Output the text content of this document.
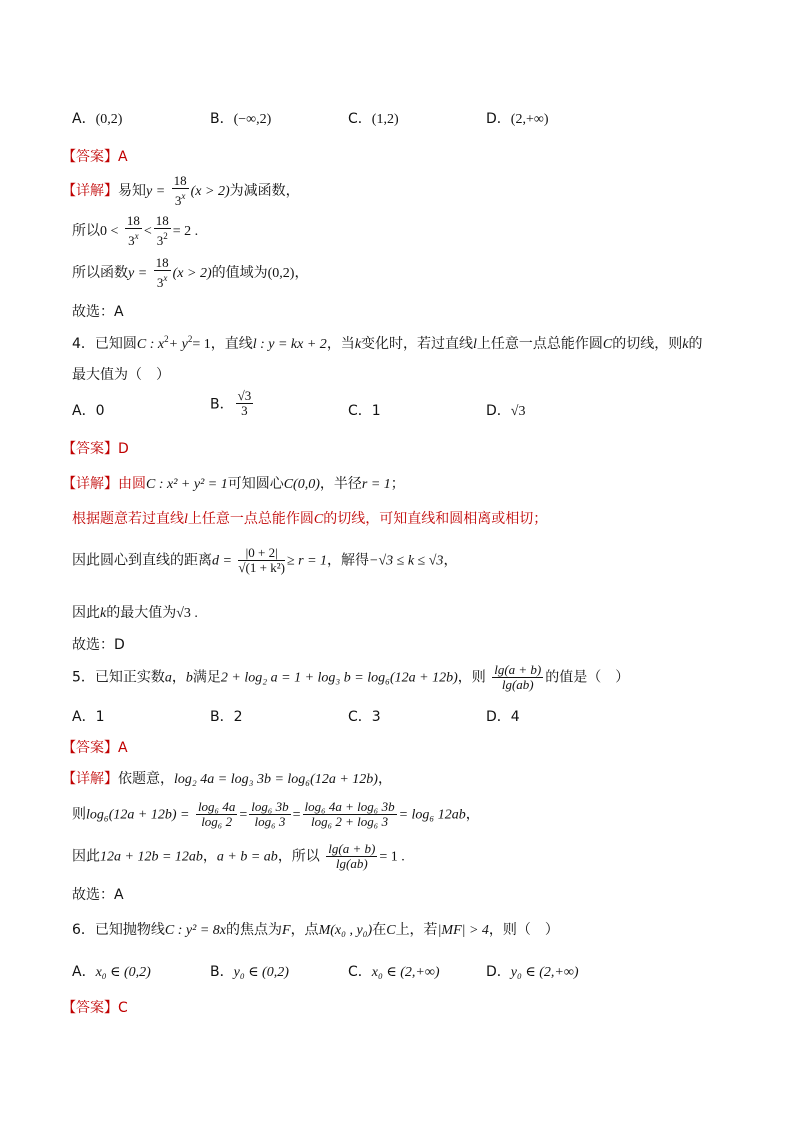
A．(0,2)	B．(−∞,2)	C．(1,2)	D．(2,+∞)
【答案】A
【详解】易知$y = \frac{18}{3^x} (x > 2)$为减函数，
所以$0 < \frac{18}{3^x} < \frac{18}{3^2} = 2$ .
所以函数$y = \frac{18}{3^x} (x > 2)$的值域为(0,2)，
故选：A
4．已知圆C : $x^2+ y^2= 1$，直线l : y = kx + 2，当k变化时，若过直线l上任意一点总能作圆C的切线，则k的
最大值为（　）
A．0	B． $\frac{√3}{3}$	C．1	D．√3
【答案】D
【详解】由圆C : x² + y² = 1可知圆心C(0,0)，半径r = 1；
根据题意若过直线l上任意一点总能作圆C的切线，可知直线和圆相离或相切；
因此圆心到直线的距离$d = \frac{|0 + 2|}{\text{√(1 + k²)}} \ge r = 1$，解得−√3 ≤ k ≤ √3，
因此k的最大值为√3 .
故选：D
5．已知正实数a，b满足2 + log₂ a = 1 + log₃ b = log₆(12a + 12b)，则 $\frac{\lg(a + b)}{\lg(ab)}$ 的值是（　）
A．1	B．2	C．3	D．4
【答案】A
【详解】依题意，log₂ 4a = log₃ 3b = log₆(12a + 12b)，
则$\log_6(12a + 12b) = \frac{\text{log₆ 4a}}{\text{log₆ 2}} = \frac{\text{log₆ 3b}}{\text{log₆ 3}} = \frac{\text{log₆ 4a + log₆ 3b}}{\text{log₆ 2 + log₆ 3}} = \log_6$ 12ab，
因此12a + 12b = 12ab，a + b = ab，所以 $\frac{\lg(a + b)}{\lg(ab)} = 1$ .
故选：A
6．已知抛物线C : y² = 8x的焦点为F，点M(x₀ , y₀)在C上，若|MF| > 4，则（　）
A．x₀ ∈ (0,2)	B．y₀ ∈ (0,2)	C．x₀ ∈ (2,+∞)	D．y₀ ∈ (2,+∞)
【答案】C
